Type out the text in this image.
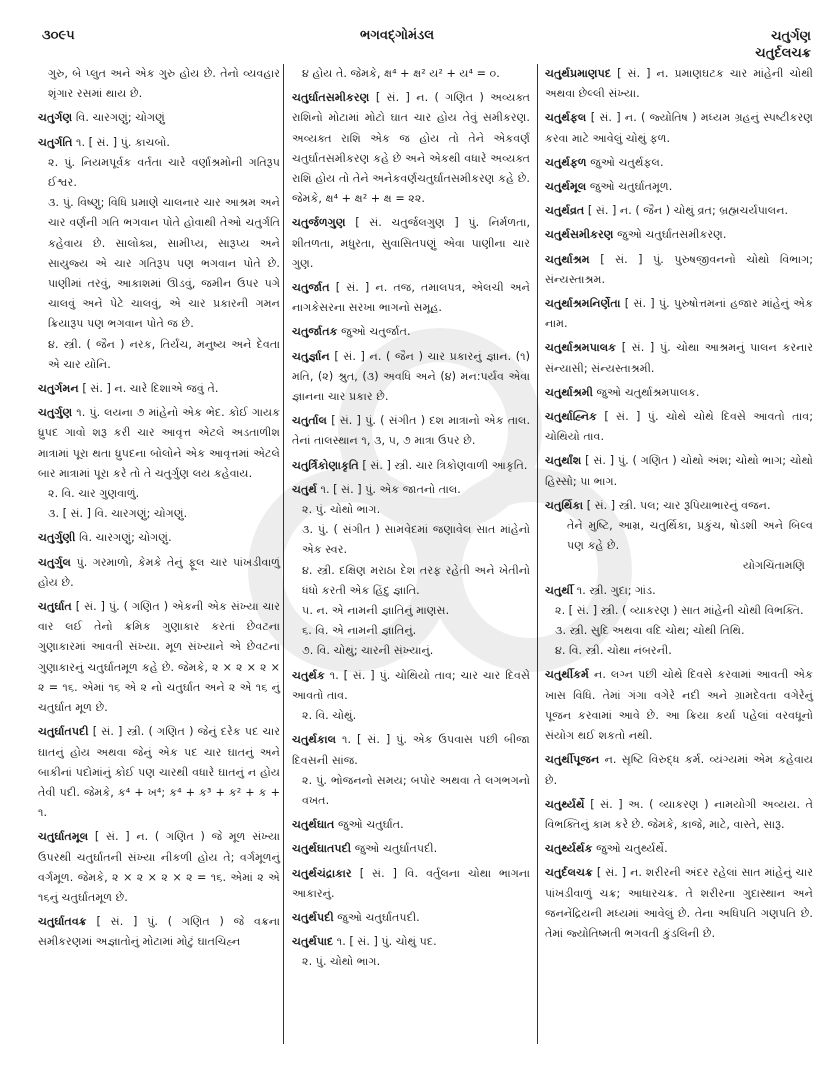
૩૦૯૫	ભગવદ્ગોમંડલ	ચતુર્ગણ
ચતુર્દલચક્ર
ગુરુ, બે પ્લુત અને એક ગુરુ હોય છે. તેનો વ્યવહાર શૃંગાર રસમાં થાય છે.
ચતુર્ગણ વિ. ચારગણું; ચોગણું
ચતુર્ગતિ ૧. [ સં. ] પું. કાચબો.
૨. પું. નિયમપૂર્વક વર્તતા ચારે વર્ણાશ્રમોની ગતિરૂપ ઈશ્વર.
૩. પું. વિષ્ણુ; વિધિ પ્રમાણે ચાલનાર ચાર આશ્રમ અને ચાર વર્ણની ગતિ ભગવાન પોતે હોવાથી તેઓ ચતુર્ગતિ કહેવાય છે. સાલોક્ય, સામીપ્ય, સારૂપ્ય અને સાયુજ્ય એ ચાર ગતિરૂપ પણ ભગવાન પોતે છે. પાણીમાં તરવું, આકાશમાં ઊડવું, જમીન ઉપર પગે ચાલવું અને પેટે ચાલવું, એ ચાર પ્રકારની ગમન ક્રિયારૂપ પણ ભગવાન પોતે જ છે.
૪. સ્ત્રી. ( જૈન ) નરક, તિર્યંચ, મનુષ્ય અને દેવતા એ ચાર યોનિ.
ચતુર્ગમન [ સં. ] ન. ચારે દિશાએ જવું તે.
ચતુર્ગુણ ૧. પું. લયના ૭ માંહેનો એક ભેદ. કોઈ ગાયક ધ્રુપદ ગાવો શરૂ કરી ચાર આવૃત્ત એટલે અડતાળીશ માત્રામાં પૂરા થતા ધ્રુપદના બોલોને એક આવૃત્તમાં એટલે બાર માત્રામાં પૂરા કરે તો તે ચતુર્ગુણ લય કહેવાય.
૨. વિ. ચાર ગુણવાળું.
૩. [ સં. ] વિ. ચારગણું; ચોગણું.
ચતુર્ગુણી વિ. ચારગણું; ચોગણું.
ચતુર્ગુલ પું. ગરમાળો, કેમકે તેનું ફૂલ ચાર પાંખડીવાળું હોય છે.
ચતુર્ઘાત [ સં. ] પું. ( ગણિત ) એકની એક સંખ્યા ચાર વાર લઈ તેનો ક્રમિક ગુણાકાર કરતાં છેવટના ગુણાકારમાં આવતી સંખ્યા. મૂળ સંખ્યાને એ છેવટના ગુણાકારનું ચતુર્ઘાતમૂળ કહે છે. જેમકે, ૨ × ૨ × ૨ × ૨ = ૧૬. એમાં ૧૬ એ ૨ નો ચતુર્ઘાત અને ૨ એ ૧૬ નું ચતુર્ઘાત મૂળ છે.
ચતુર્ઘાતપદી [ સં. ] સ્ત્રી. ( ગણિત ) જેનું દરેક પદ ચાર ઘાતનું હોય અથવા જેનું એક પદ ચાર ઘાતનું અને બાકીનાં પદોમાંનું કોઈ પણ ચારથી વધારે ઘાતનું ન હોય તેવી પદી. જેમકે, ક⁴ + ખ⁴; ક⁴ + ક³ + ક² + ક + ૧.
ચતુર્ઘાતમૂલ [ સં. ] ન. ( ગણિત ) જે મૂળ સંખ્યા ઉપરથી ચતુર્ઘાતની સંખ્યા નીકળી હોય તે; વર્ગમૂળનું વર્ગમૂળ. જેમકે, ૨ × ૨ × ૨ × ૨ = ૧૬. એમાં ૨ એ ૧૬નું ચતુર્ઘાતમૂળ છે.
ચતુર્ઘાતવક્ર [ સં. ] પું. ( ગણિત ) જે વક્રના સમીકરણમાં અજ્ઞાતોનું મોટામાં મોટું ઘાતચિહ્ન
૪ હોય તે. જેમકે, ક્ષ⁴ + ક્ષ² ય² + ય⁴ = ૦.
ચતુર્ઘાતસમીકરણ [ સં. ] ન. ( ગણિત ) અવ્યક્ત રાશિનો મોટામાં મોટો ઘાત ચાર હોય તેવું સમીકરણ. અવ્યક્ત રાશિ એક જ હોય તો તેને એકવર્ણ ચતુર્ઘાતસમીકરણ કહે છે અને એકથી વધારે અવ્યક્ત રાશિ હોય તો તેને અનેકવર્ણચતુર્ઘાતસમીકરણ કહે છે. જેમકે, ક્ષ⁴ + ક્ષ² + ક્ષ = ૨૨.
ચતુર્જળગુણ [ સં. ચતુર્જલગુણ ] પું. નિર્મળતા, શીતળતા, મધુરતા, સુવાસિતપણું એવા પાણીના ચાર ગુણ.
ચતુર્જાત [ સં. ] ન. તજ, તમાલપત્ર, એલચી અને નાગકેસરના સરખા ભાગનો સમૂહ.
ચતુર્જાતક જુઓ ચતુર્જાત.
ચતુર્જ્ઞાન [ સં. ] ન. ( જૈન ) ચાર પ્રકારનું જ્ઞાન. (૧) મતિ, (૨) શ્રુત, (૩) અવધિ અને (૪) મન:પર્યવ એવા જ્ઞાનના ચાર પ્રકાર છે.
ચતુર્તાલ [ સં. ] પું. ( સંગીત ) દશ માત્રાનો એક તાલ. તેનાં તાલસ્થાન ૧, ૩, ૫, ૭ માત્રા ઉપર છે.
ચતુર્ત્રિકોણાકૃતિ [ સં. ] સ્ત્રી. ચાર ત્રિકોણવાળી આકૃતિ.
ચતુર્થ ૧. [ સં. ] પું. એક જાતનો તાલ.
૨. પું. ચોથો ભાગ.
૩. પું. ( સંગીત ) સામવેદમાં જણાવેલ સાત માંહેનો એક સ્વર.
૪. સ્ત્રી. દક્ષિણ મરાઠા દેશ તરફ રહેતી અને ખેતીનો ધંધો કરતી એક હિંદુ જ્ઞાતિ.
૫. ન. એ નામની જ્ઞાતિનું માણસ.
૬. વિ. એ નામની જ્ઞાતિનું.
૭. વિ. ચોથું; ચારની સંખ્યાનું.
ચતુર્થક ૧. [ સં. ] પું. ચોથિયો તાવ; ચાર ચાર દિવસે આવતો તાવ.
૨. વિ. ચોથું.
ચતુર્થકાલ ૧. [ સં. ] પું. એક ઉપવાસ પછી બીજા દિવસની સાંજ.
૨. પું. ભોજનનો સમય; બપોર અથવા તે લગભગનો વખત.
ચતુર્થઘાત જુઓ ચતુર્ઘાત.
ચતુર્થઘાતપદી જુઓ ચતુર્ઘાતપદી.
ચતુર્થચંદ્રાકાર [ સં. ] વિ. વર્તુલના ચોથા ભાગના આકારનું.
ચતુર્થપદી જુઓ ચતુર્ઘાતપદી.
ચતુર્થપાદ ૧. [ સં. ] પું. ચોથું પદ.
૨. પું. ચોથો ભાગ.
ચતુર્થપ્રમાણપદ [ સં. ] ન. પ્રમાણઘટક ચાર માંહેની ચોથી અથવા છેલ્લી સંખ્યા.
ચતુર્થફલ [ સં. ] ન. ( જ્યોતિષ ) મધ્યમ ગ્રહનું સ્પષ્ટીકરણ કરવા માટે આવેલું ચોથું ફળ.
ચતુર્થફળ જુઓ ચતુર્થફલ.
ચતુર્થમૂલ જુઓ ચતુર્ઘાતમૂળ.
ચતુર્થવ્રત [ સં. ] ન. ( જૈન ) ચોથું વ્રત; બ્રહ્મચર્યપાલન.
ચતુર્થસમીકરણ જુઓ ચતુર્ઘાતસમીકરણ.
ચતુર્થાશ્રમ [ સં. ] પું. પુરુષજીવનનો ચોથો વિભાગ; સંન્યસ્તાશ્રમ.
ચતુર્થાશ્રમનિર્ણેતા [ સં. ] પું. પુરુષોત્તમનાં હજાર માંહેનું એક નામ.
ચતુર્થાશ્રમપાલક [ સં. ] પું. ચોથા આશ્રમનું પાલન કરનાર સંન્યાસી; સંન્યસ્તાશ્રમી.
ચતુર્થાશ્રમી જુઓ ચતુર્થાશ્રમપાલક.
ચતુર્થાહ્નિક [ સં. ] પું. ચોથે ચોથે દિવસે આવતો તાવ; ચોથિયો તાવ.
ચતુર્થાંશ [ સં. ] પું. ( ગણિત ) ચોથો અંશ; ચોથો ભાગ; ચોથો હિસ્સો; પા ભાગ.
ચતુર્થિકા [ સં. ] સ્ત્રી. પલ; ચાર રૂપિયાભારનું વજન.
તેને મુષ્ટિ, આમ્ર, ચતુર્થિકા, પ્રકુંચ, ષોડશી અને બિલ્વ પણ કહે છે.
યોગચિંતામણિ
ચતુર્થી ૧. સ્ત્રી. ગુદા; ગાંડ.
૨. [ સં. ] સ્ત્રી. ( વ્યાકરણ ) સાત માંહેની ચોથી વિભક્તિ.
૩. સ્ત્રી. સુદિ અથવા વદિ ચોથ; ચોથી તિથિ.
૪. વિ. સ્ત્રી. ચોથા નંબરની.
ચતુર્થીકર્મ ન. લગ્ન પછી ચોથે દિવસે કરવામાં આવતી એક ખાસ વિધિ. તેમાં ગંગા વગેરે નદી અને ગ્રામદેવતા વગેરેનું પૂજન કરવામાં આવે છે. આ ક્રિયા કર્યા પહેલાં વરવધૂનો સંયોગ થઈ શકતો નથી.
ચતુર્થીપૂજન ન. સૃષ્ટિ વિરુદ્ધ કર્મ. વ્યંગ્યમાં એમ કહેવાય છે.
ચતુર્થ્યર્થે [ સં. ] અ. ( વ્યાકરણ ) નામયોગી અવ્યય. તે વિભક્તિનું કામ કરે છે. જેમકે, કાજે, માટે, વાસ્તે, સારૂ.
ચતુર્થ્યર્થક જુઓ ચતુર્થ્યર્થે.
ચતુર્દલચક્ર [ સં. ] ન. શરીરની અંદર રહેલાં સાત માંહેનું ચાર પાંખડીવાળું ચક્ર; આધારચક્ર. તે શરીરના ગુદાસ્થાન અને જનનેંદ્રિયની મધ્યમાં આવેલું છે. તેના અધિપતિ ગણપતિ છે. તેમાં જ્યોતિષ્મતી ભગવતી કુંડલિની છે.
